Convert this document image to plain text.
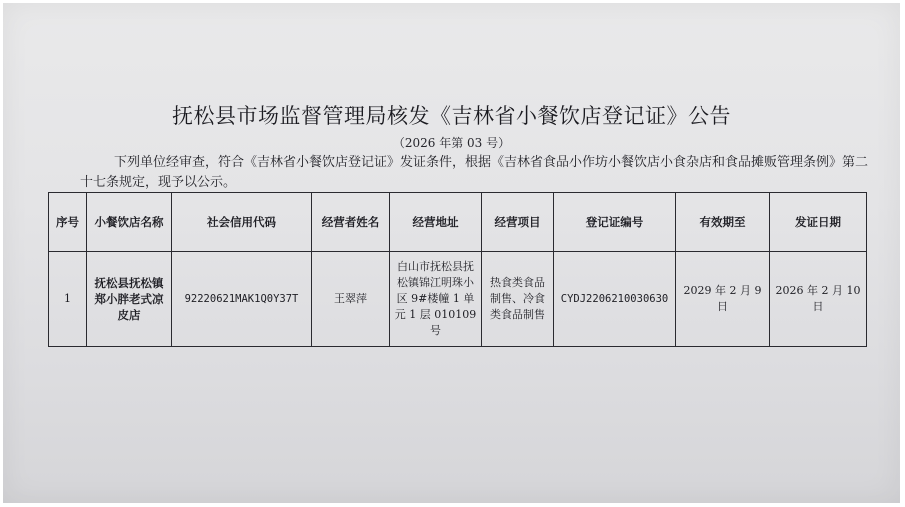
抚松县市场监督管理局核发《吉林省小餐饮店登记证》公告
（2026 年第 03 号）
下列单位经审查，符合《吉林省小餐饮店登记证》发证条件，根据《吉林省食品小作坊小餐饮店小食杂店和食品摊贩管理条例》第二十七条规定，现予以公示。
序号	小餐饮店名称	社会信用代码	经营者姓名	经营地址	经营项目	登记证编号	有效期至	发证日期
1	抚松县抚松镇郑小胖老式凉皮店	92220621MAK1Q0Y37T	王翠萍	白山市抚松县抚松镇锦江明珠小区 9#楼幢 1 单元 1 层 010109 号	热食类食品制售、冷食类食品制售	CYDJ2206210030630	2029 年 2 月 9 日	2026 年 2 月 10 日
